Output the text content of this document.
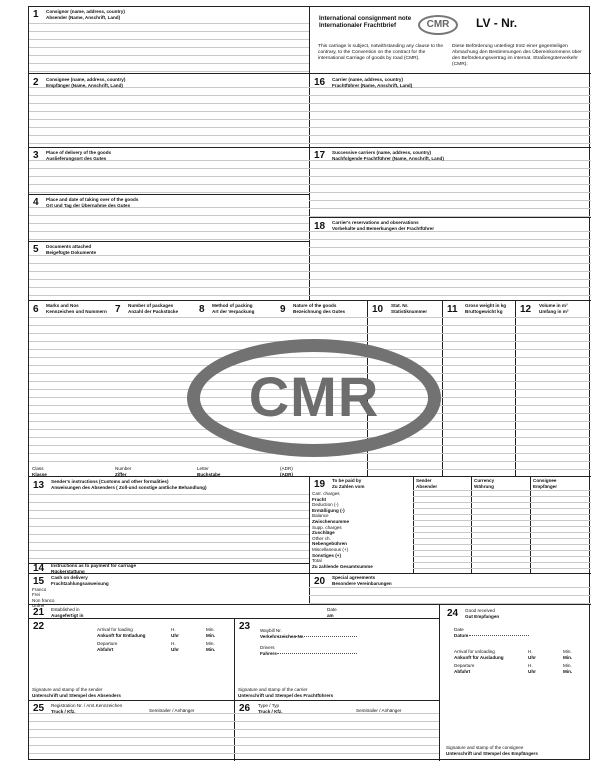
1 Consignor (name, address, country)
Absender (Name, Anschrift, Land)	International consignment note
Internationaler Frachtbrief	CMR	LV - Nr.
This carriage is subject, notwithstanding any clause to the contrary, to the Convention on the contract for the international Carriage of goods by road (CMR).
Diese Beförderung unterliegt trotz einer gegenteiligen Abmachung den Bestimmungen des Übereinkommens über den Beförderungsvertrag im internat. Straßengüterverkehr (CMR).
2 Consignee (name, address, country)
Empfänger (Name, Anschrift, Land)	16 Carrier (name, address, country)
Frachtführer (Name, Anschrift, Land)
3 Place of delivery of the goods
Auslieferungsort des Gutes	17 Successive carriers (name, address, country)
Nachfolgende Frachtführer (Name, Anschrift, Land)
4 Place and date of taking over of the goods
Ort und Tag der Übernahme des Gutes
18 Carrier's reservations and observations
Vorbehalte und Bemerkungen der Frachtführer
5 Documents attached
Beigefügte Dokumente
6 Marks and Nos
Kennzeichen und Nummern 7 Number of packages
Anzahl der Packstücke 8 Method of packing
Art der Verpackung	9 Nature of the goods
Bezeichnung des Gutes	10 Stat. Nr.
Statistiknummer 11 Gross weight in kg
Bruttogewicht kg	12 Volume in m³
Umfang in m³
CMR
Class
Klasse
Number
Ziffer
Letter
Buchstabe
(ADR)
(ADR)
13 Sender's instructions (Customs and other formalities)
Anweisungen des Absenders ( Zoll-und sonstige amtliche Behandlung)	19 To be paid by
Zu Zahlen vom
Sender
Absender
Currency
Währung
Consignee
Empfänger
Carr. charges
Fracht
Deduction (-)
Ermäßigung (-)
Balance
Zwischensumme
Supp. charges
Zuschläge
Other ch.
Nebengebühren
Miscellaneous (+)
Sonstiges (+)
Total
Zu zahlende Gesamtsumme
14 Instructions as to payment for carriage
Rückerstattung
15 Cash on delivery
Frachtzahlungsanweisung
Franco
Frei
Non franco
Unfrei
20 Special agreements
Besondere Vereinbarungen
21 Established in
Ausgefertigt in
Date
am	24 Good received
Gut Empfangen
Date
Datum
Arrival for unloading
Ankunft für Ausladung
H.
Uhr
Min.
Min.
Departure
Abfahrt
H.
Uhr
Min.
Min.
Signature and stamp of the consignee
Unterschrift und Stempel des Empfängers
22	Arrival for loading
Ankunft für Entladung
H.
Uhr
Min.
Min.
Departure
Abfahrt
H.
Uhr
Min.
Min.
Signature and stamp of the sender
Unterschrift und Stempel des Absenders
23 Waybill Nr.
Verkehrszeichen Nr.
Drivers
Fahrers
Signature and stamp of the carrier
Unterschrift und Stempel des Frachtführers
25 Registration Nr. / Amt.Kennzeichen
Truck / Kfz.	Semitrailer / Anhänger	26 Type / Typ
Truck / Kfz.	Semitrailer / Anhänger
